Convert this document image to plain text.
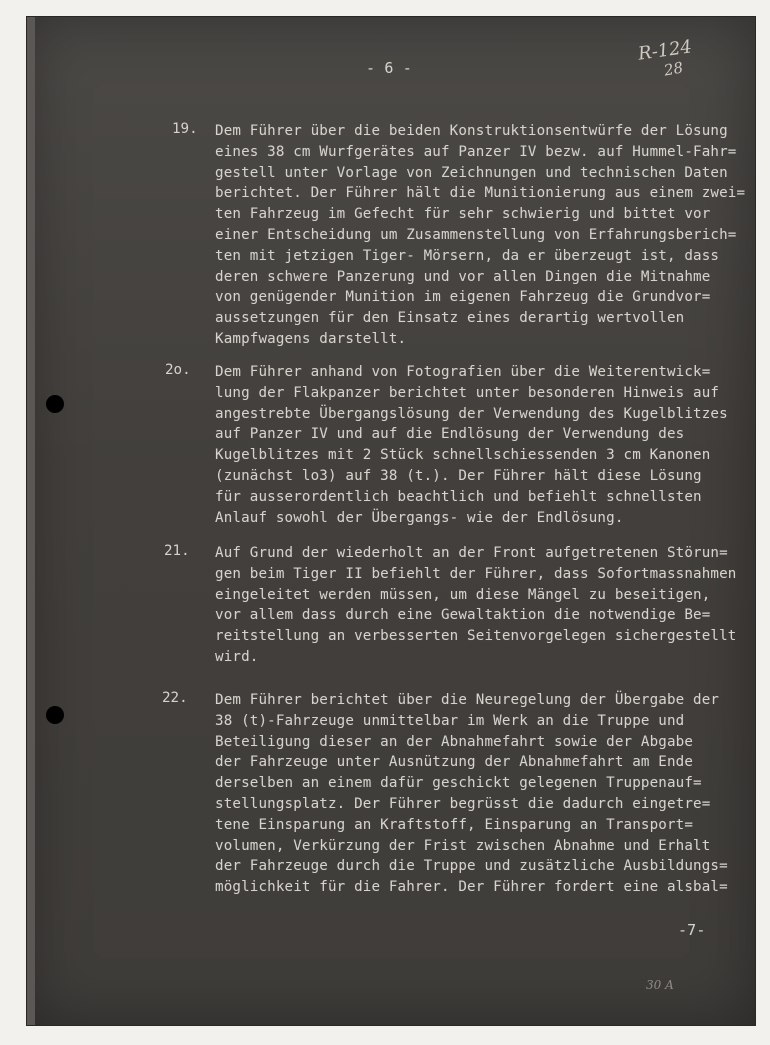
- 6 -
R-124
28
19. Dem Führer über die beiden Konstruktionsentwürfe der Lösung
eines 38 cm Wurfgerätes auf Panzer IV bezw. auf Hummel-Fahr=
gestell unter Vorlage von Zeichnungen und technischen Daten
berichtet. Der Führer hält die Munitionierung aus einem zwei=
ten Fahrzeug im Gefecht für sehr schwierig und bittet vor
einer Entscheidung um Zusammenstellung von Erfahrungsberich=
ten mit jetzigen Tiger- Mörsern, da er überzeugt ist, dass
deren schwere Panzerung und vor allen Dingen die Mitnahme
von genügender Munition im eigenen Fahrzeug die Grundvor=
aussetzungen für den Einsatz eines derartig wertvollen
Kampfwagens darstellt.
2o. Dem Führer anhand von Fotografien über die Weiterentwick=
lung der Flakpanzer berichtet unter besonderen Hinweis auf
angestrebte Übergangslösung der Verwendung des Kugelblitzes
auf Panzer IV und auf die Endlösung der Verwendung des
Kugelblitzes mit 2 Stück schnellschiessenden 3 cm Kanonen
(zunächst lo3) auf 38 (t.). Der Führer hält diese Lösung
für ausserordentlich beachtlich und befiehlt schnellsten
Anlauf sowohl der Übergangs- wie der Endlösung.
21. Auf Grund der wiederholt an der Front aufgetretenen Störun=
gen beim Tiger II befiehlt der Führer, dass Sofortmassnahmen
eingeleitet werden müssen, um diese Mängel zu beseitigen,
vor allem dass durch eine Gewaltaktion die notwendige Be=
reitstellung an verbesserten Seitenvorgelegen sichergestellt
wird.
22. Dem Führer berichtet über die Neuregelung der Übergabe der
38 (t)-Fahrzeuge unmittelbar im Werk an die Truppe und
Beteiligung dieser an der Abnahmefahrt sowie der Abgabe
der Fahrzeuge unter Ausnützung der Abnahmefahrt am Ende
derselben an einem dafür geschickt gelegenen Truppenauf=
stellungsplatz. Der Führer begrüsst die dadurch eingetre=
tene Einsparung an Kraftstoff, Einsparung an Transport=
volumen, Verkürzung der Frist zwischen Abnahme und Erhalt
der Fahrzeuge durch die Truppe und zusätzliche Ausbildungs=
möglichkeit für die Fahrer. Der Führer fordert eine alsbal=
-7-
30 A
